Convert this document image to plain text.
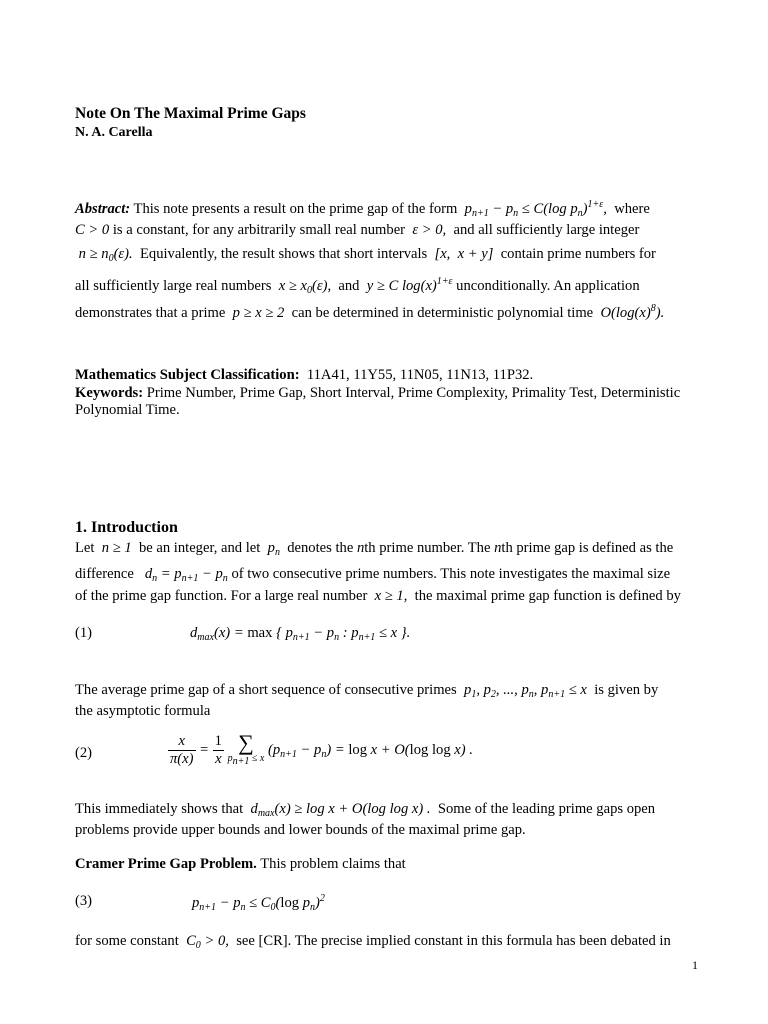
Note On The Maximal Prime Gaps
N. A. Carella
Abstract: This note presents a result on the prime gap of the form $p_{n+1} - p_n \le C(\log$ $p_n)^{1+\varepsilon}$, where
C > 0 is a constant, for any arbitrarily small real number ε > 0, and all sufficiently large integer
$n \ge n_0(\varepsilon)$. Equivalently, the result shows that short intervals [x,  x + y] contain prime numbers for
all sufficiently large real numbers $x \ge x_0(\varepsilon)$, and y ≥ C $\log(x)^{1+\varepsilon}$ unconditionally. An application
demonstrates that a prime p ≥ x ≥ 2 can be determined in deterministic polynomial time $O(\log(x)^8)$.
Mathematics Subject Classification: 11A41, 11Y55, 11N05, 11N13, 11P32.
Keywords: Prime Number, Prime Gap, Short Interval, Prime Complexity, Primality Test, Deterministic
Polynomial Time.
1. Introduction
Let n ≥ 1 be an integer, and let $p_n$ denotes the nth prime number. The nth prime gap is defined as the
difference $d_n = p_{n+1} - p_n$ of two consecutive prime numbers. This note investigates the maximal size
of the prime gap function. For a large real number x ≥ 1, the maximal prime gap function is defined by
(1)	$d_{max}(x) = \max$ { $p_{n+1} - p_n$ : $p_{n+1} \le x$ }.
The average prime gap of a short sequence of consecutive primes $p_1$, $p_2$, ..., $p_n$, $p_{n+1} \le x$ is given by
the asymptotic formula
(2)	$\frac{x}{\pi(x)} = \frac{1}{x}$ ∑
$p_{n+1} \le x$
$(p_{n+1} - p_n) = \log x + O(\log$ log x) .
This immediately shows that $d_{max}(x) \ge \log x + O(\log$ log x) . Some of the leading prime gaps open
problems provide upper bounds and lower bounds of the maximal prime gap.
Cramer Prime Gap Problem. This problem claims that
(3)	$p_{n+1} - p_n \le C_0(\log$ $p_n)^2$
for some constant $C_0 > 0$, see [CR]. The precise implied constant in this formula has been debated in
1
